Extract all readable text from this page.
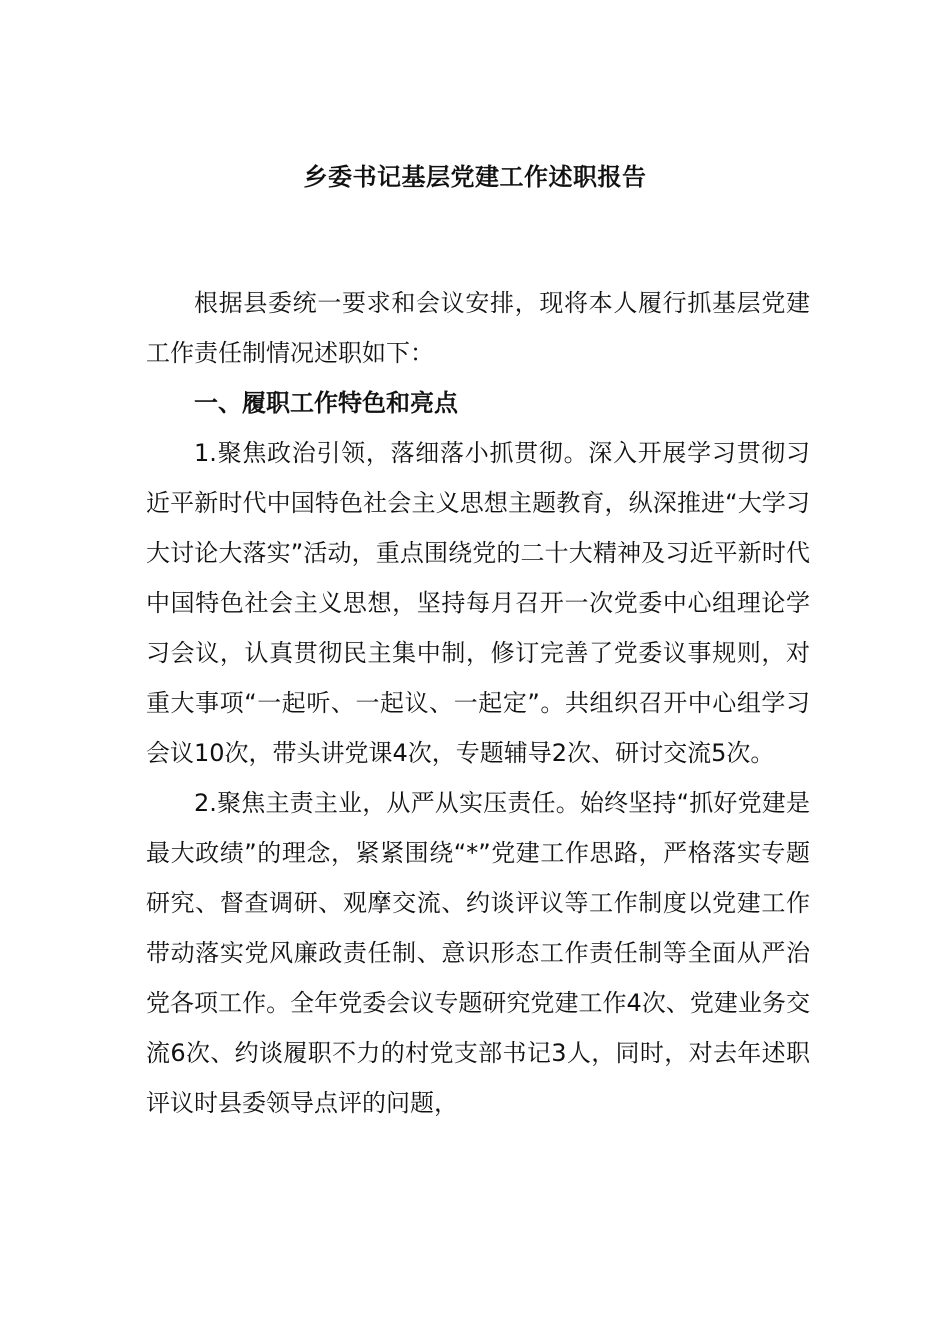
乡委书记基层党建工作述职报告

根据县委统一要求和会议安排，现将本人履行抓基层党建工作责任制情况述职如下：

一、履职工作特色和亮点

1.聚焦政治引领，落细落小抓贯彻。深入开展学习贯彻习近平新时代中国特色社会主义思想主题教育，纵深推进“大学习大讨论大落实”活动，重点围绕党的二十大精神及习近平新时代中国特色社会主义思想，坚持每月召开一次党委中心组理论学习会议，认真贯彻民主集中制，修订完善了党委议事规则，对重大事项“一起听、一起议、一起定”。共组织召开中心组学习会议10次，带头讲党课4次，专题辅导2次、研讨交流5次。

2.聚焦主责主业，从严从实压责任。始终坚持“抓好党建是最大政绩”的理念，紧紧围绕“*”党建工作思路，严格落实专题研究、督查调研、观摩交流、约谈评议等工作制度以党建工作带动落实党风廉政责任制、意识形态工作责任制等全面从严治党各项工作。全年党委会议专题研究党建工作4次、党建业务交流6次、约谈履职不力的村党支部书记3人，同时，对去年述职评议时县委领导点评的问题，
